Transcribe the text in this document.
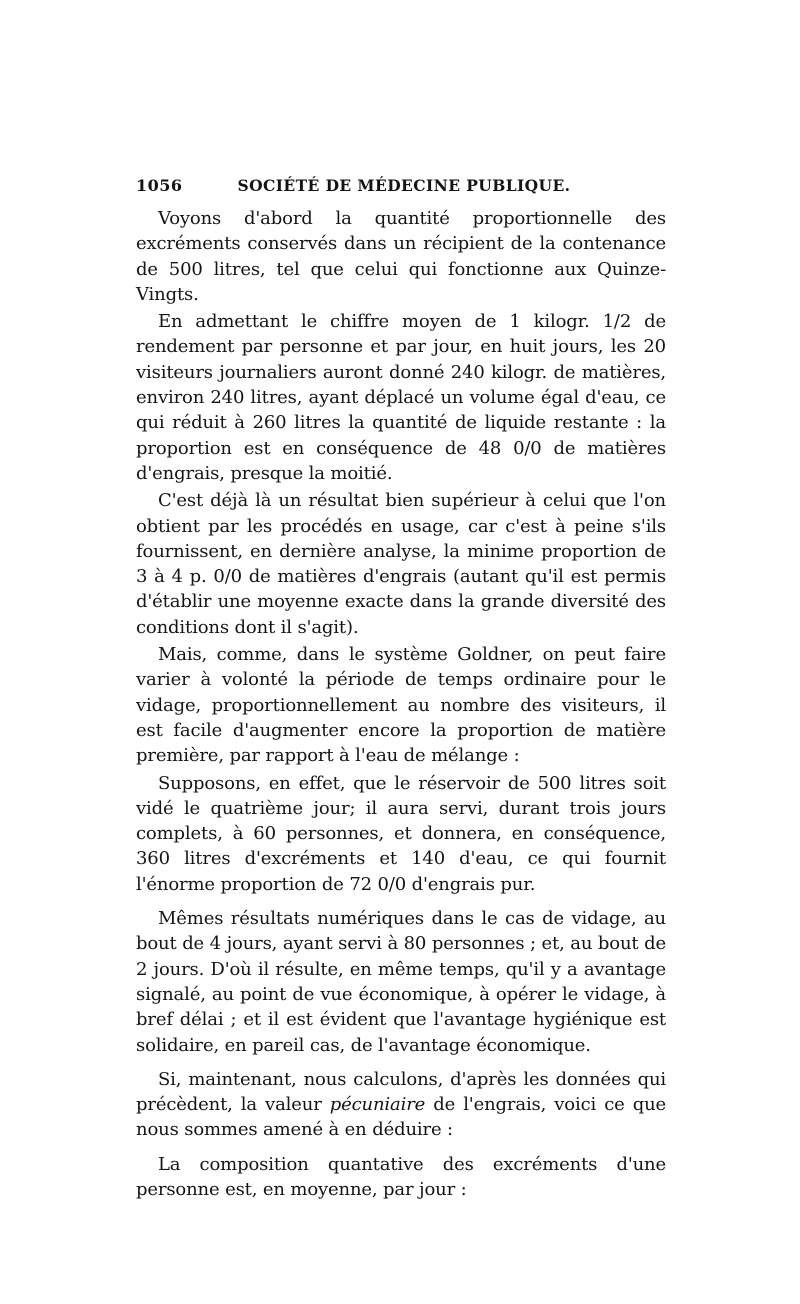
1056	SOCIÉTÉ DE MÉDECINE PUBLIQUE.

Voyons d'abord la quantité proportionnelle des excréments conservés dans un récipient de la contenance de 500 litres, tel que celui qui fonctionne aux Quinze-Vingts.

En admettant le chiffre moyen de 1 kilogr. 1/2 de rendement par personne et par jour, en huit jours, les 20 visiteurs journaliers auront donné 240 kilogr. de matières, environ 240 litres, ayant déplacé un volume égal d'eau, ce qui réduit à 260 litres la quantité de liquide restante : la proportion est en conséquence de 48 0/0 de matières d'engrais, presque la moitié.

C'est déjà là un résultat bien supérieur à celui que l'on obtient par les procédés en usage, car c'est à peine s'ils fournissent, en dernière analyse, la minime proportion de 3 à 4 p. 0/0 de matières d'engrais (autant qu'il est permis d'établir une moyenne exacte dans la grande diversité des conditions dont il s'agit).

Mais, comme, dans le système Goldner, on peut faire varier à volonté la période de temps ordinaire pour le vidage, proportionnellement au nombre des visiteurs, il est facile d'augmenter encore la proportion de matière première, par rapport à l'eau de mélange :

Supposons, en effet, que le réservoir de 500 litres soit vidé le quatrième jour; il aura servi, durant trois jours complets, à 60 personnes, et donnera, en conséquence, 360 litres d'excréments et 140 d'eau, ce qui fournit l'énorme proportion de 72 0/0 d'engrais pur.

Mêmes résultats numériques dans le cas de vidage, au bout de 4 jours, ayant servi à 80 personnes ; et, au bout de 2 jours. D'où il résulte, en même temps, qu'il y a avantage signalé, au point de vue économique, à opérer le vidage, à bref délai ; et il est évident que l'avantage hygiénique est solidaire, en pareil cas, de l'avantage économique.

Si, maintenant, nous calculons, d'après les données qui précèdent, la valeur pécuniaire de l'engrais, voici ce que nous sommes amené à en déduire :

La composition quantative des excréments d'une personne est, en moyenne, par jour :
